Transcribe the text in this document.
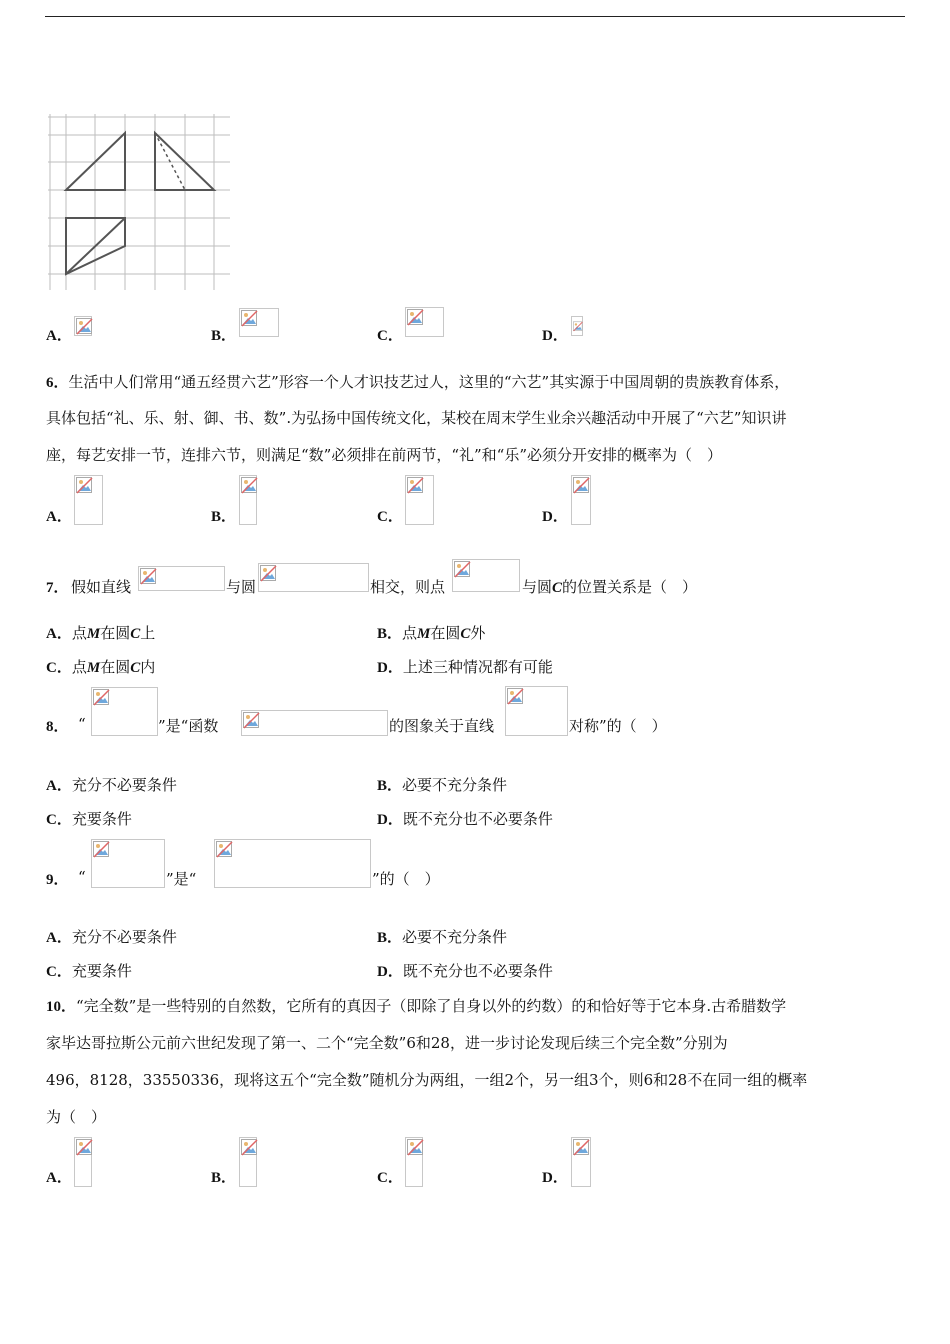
A．	B．	C．	D．
6．生活中人们常用“通五经贯六艺”形容一个人才识技艺过人，这里的“六艺”其实源于中国周朝的贵族教育体系，
具体包括“礼、乐、射、御、书、数”.为弘扬中国传统文化，某校在周末学生业余兴趣活动中开展了“六艺”知识讲
座，每艺安排一节，连排六节，则满足“数”必须排在前两节，“礼”和“乐”必须分开安排的概率为（　）
A．	B．	C．	D．
7． 假如直线	与圆	相交，则点	与圆C的位置关系是（　）
A．点M在圆C上	B．点M在圆C外
C．点M在圆C内	D．上述三种情况都有可能
8． “	”是“函数	的图象关于直线	对称”的（　）
A．充分不必要条件	B．必要不充分条件
C．充要条件	D．既不充分也不必要条件
9． “	”是“	”的（　）
A．充分不必要条件	B．必要不充分条件
C．充要条件	D．既不充分也不必要条件
10．“完全数”是一些特别的自然数，它所有的真因子（即除了自身以外的约数）的和恰好等于它本身.古希腊数学
家毕达哥拉斯公元前六世纪发现了第一、二个“完全数”6和28，进一步讨论发现后续三个完全数”分别为
496，8128，33550336，现将这五个“完全数”随机分为两组，一组2个，另一组3个，则6和28不在同一组的概率
为（　）
A．	B．	C．	D．
